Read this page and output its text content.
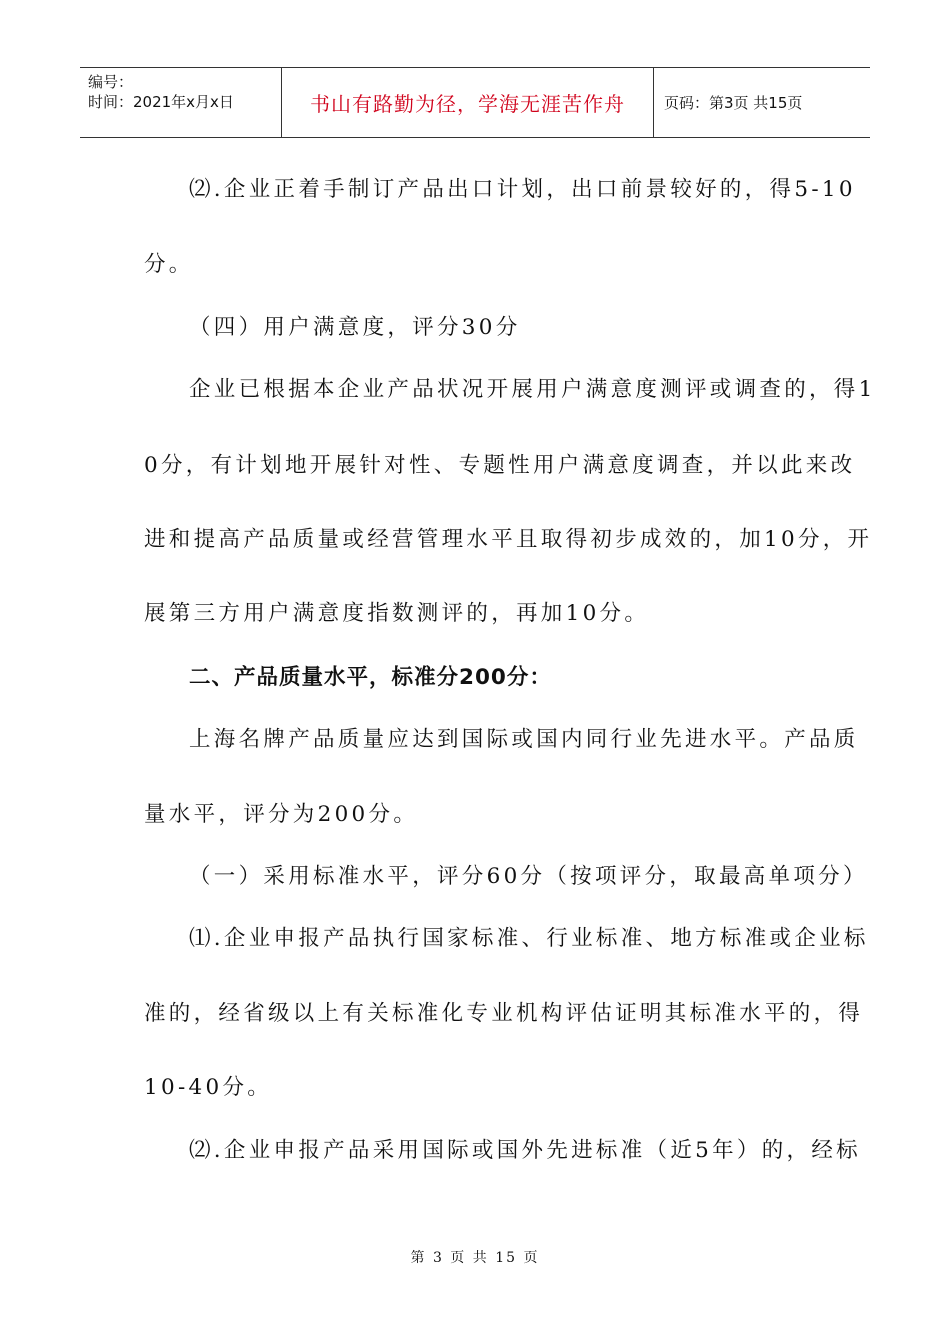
编号：
时间：2021年x月x日	书山有路勤为径，学海无涯苦作舟	页码：第3页 共15页
⑵.企业正着手制订产品出口计划，出口前景较好的，得5-10
分。
（四）用户满意度，评分30分
企业已根据本企业产品状况开展用户满意度测评或调查的，得1
0分，有计划地开展针对性、专题性用户满意度调查，并以此来改
进和提高产品质量或经营管理水平且取得初步成效的，加10分，开
展第三方用户满意度指数测评的，再加10分。
二、产品质量水平，标准分200分：
上海名牌产品质量应达到国际或国内同行业先进水平。产品质
量水平，评分为200分。
（一）采用标准水平，评分60分（按项评分，取最高单项分）
⑴.企业申报产品执行国家标准、行业标准、地方标准或企业标
准的，经省级以上有关标准化专业机构评估证明其标准水平的，得
10-40分。
⑵.企业申报产品采用国际或国外先进标准（近5年）的，经标
第 3 页 共 15 页
